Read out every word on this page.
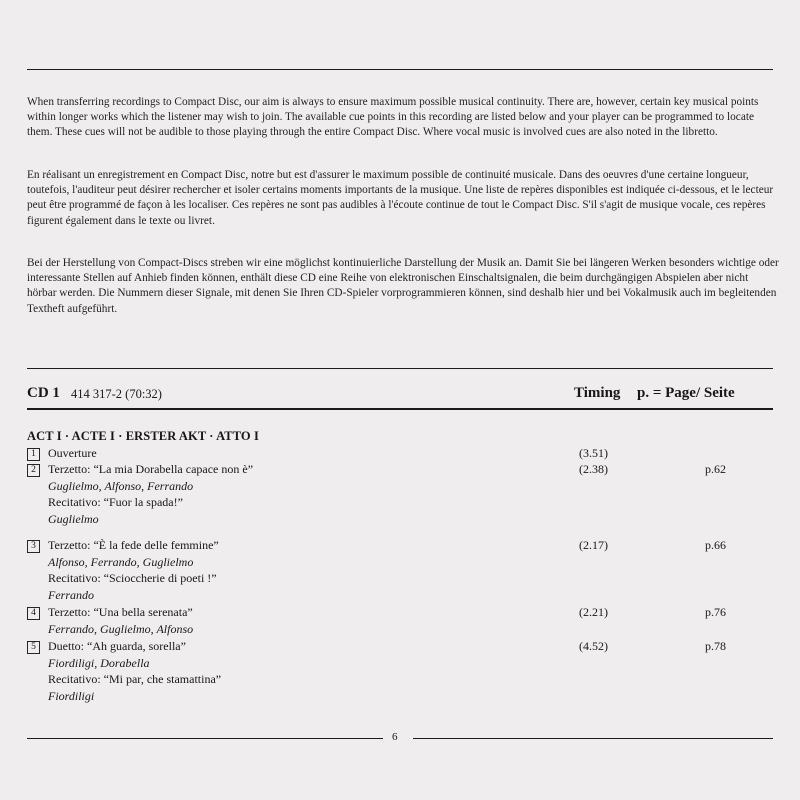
When transferring recordings to Compact Disc, our aim is always to ensure maximum possible musical continuity. There are, however, certain key musical points within longer works which the listener may wish to join. The available cue points in this recording are listed below and your player can be programmed to locate them. These cues will not be audible to those playing through the entire Compact Disc. Where vocal music is involved cues are also noted in the libretto.
En réalisant un enregistrement en Compact Disc, notre but est d'assurer le maximum possible de continuité musicale. Dans des oeuvres d'une certaine longueur, toutefois, l'auditeur peut désirer rechercher et isoler certains moments importants de la musique. Une liste de repères disponibles est indiquée ci-dessous, et le lecteur peut être programmé de façon à les localiser. Ces repères ne sont pas audibles à l'écoute continue de tout le Compact Disc. S'il s'agit de musique vocale, ces repères figurent également dans le texte ou livret.
Bei der Herstellung von Compact-Discs streben wir eine möglichst kontinuierliche Darstellung der Musik an. Damit Sie bei längeren Werken besonders wichtige oder interessante Stellen auf Anhieb finden können, enthält diese CD eine Reihe von elektronischen Einschaltsignalen, die beim durchgängigen Abspielen aber nicht hörbar werden. Die Nummern dieser Signale, mit denen Sie Ihren CD-Spieler vorprogrammieren können, sind deshalb hier und bei Vokalmusik auch im begleitenden Textheft aufgeführt.
CD 1 414 317-2 (70:32)	Timing p. = Page/ Seite
ACT I · ACTE I · ERSTER AKT · ATTO I
1	Ouverture	(3.51)
2	Terzetto: “La mia Dorabella capace non è”
Guglielmo, Alfonso, Ferrando
Recitativo: “Fuor la spada!”
Guglielmo
(2.38)	p.62
3	Terzetto: “È la fede delle femmine”
Alfonso, Ferrando, Guglielmo
Recitativo: “Scioccherie di poeti !”
Ferrando
(2.17)	p.66
4	Terzetto: “Una bella serenata”
Ferrando, Guglielmo, Alfonso
(2.21)	p.76
5	Duetto: “Ah guarda, sorella”
Fiordiligi, Dorabella
Recitativo: “Mi par, che stamattina”
Fiordiligi
(4.52)	p.78
6
